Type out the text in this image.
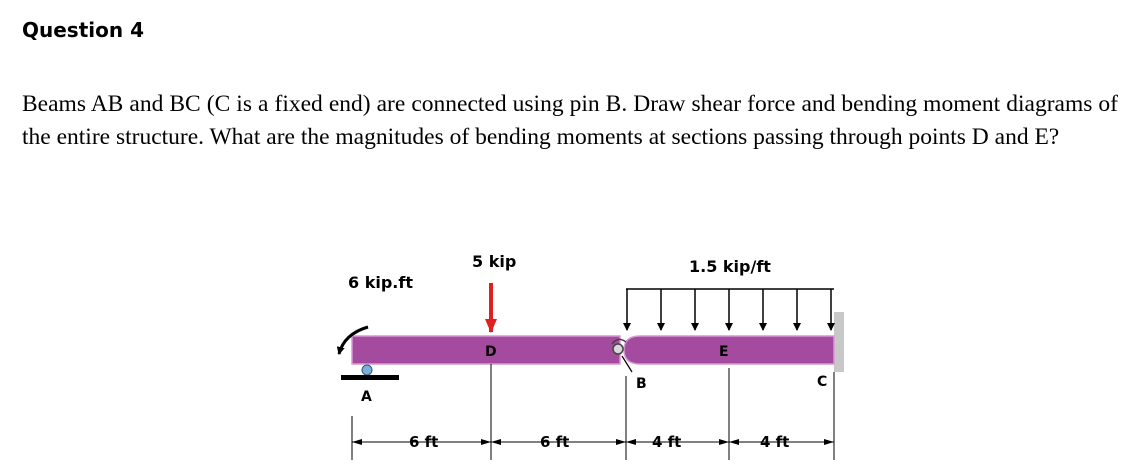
Question 4

Beams AB and BC (C is a fixed end) are connected using pin B. Draw shear force and bending moment diagrams of the entire structure. What are the magnitudes of bending moments at sections passing through points D and E?

6 kip.ft
5 kip	1.5 kip/ft
A
D
B
E
C
6 ft	6 ft	4 ft	4 ft
